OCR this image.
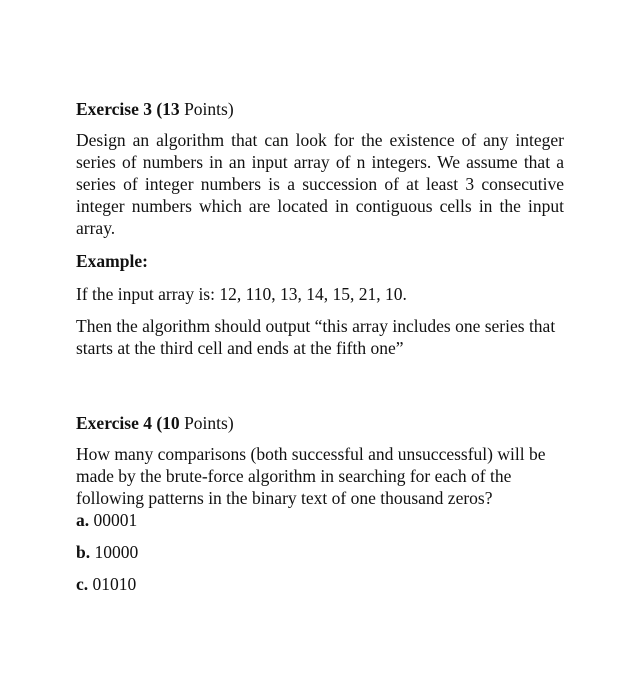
Exercise 3 (13 Points)

Design an algorithm that can look for the existence of any integer series of numbers in an input array of n integers. We assume that a series of integer numbers is a succession of at least 3 consecutive integer numbers which are located in contiguous cells in the input array.

Example:

If the input array is: 12, 110, 13, 14, 15, 21, 10.

Then the algorithm should output “this array includes one series that starts at the third cell and ends at the fifth one”

Exercise 4 (10 Points)

How many comparisons (both successful and unsuccessful) will be made by the brute-force algorithm in searching for each of the following patterns in the binary text of one thousand zeros?

a. 00001

b. 10000

c. 01010
